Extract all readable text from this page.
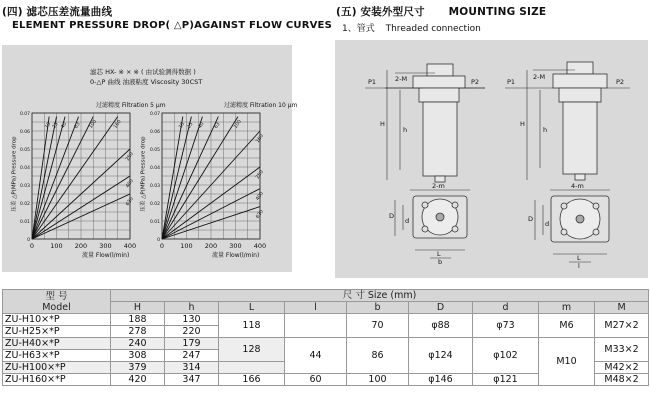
(四) 滤芯压差流量曲线
ELEMENT PRESSURE DROP( △P)AGAINST FLOW CURVES
滤芯 HX- ※ × ※ ( 由试验测得数据 )
0-△P 曲线 油液粘度 Viscosity 30CST
过滤精度 Filtration 5 μm	过滤精度 Filtration 10 μm
流量 Flow(l/min)	流量 Flow(l/min)
压差 △P(MPa) Pressure drop	压差 △P(MPa) Pressure drop
0 100 200 300 400
0
0.01
0.02
0.03
0.04
0.05
0.06
0.07
10 25 40 63 100	160
250
400
630
0 100 200 300 400
0
0.01
0.02
0.03
0.04
0.05
0.06
0.07
10 25 40 63	100
160
250
400
630
(五) 安装外型尺寸 MOUNTING SIZE
1、管式 Threaded connection
2-M
P1	P2
H
h
2-m
D
d
L
b
2-M
P1	P2
H
h
4-m
D
d
L
l
型 号
Model	尺 寸 Size (mm)								
	H	h	L	l	b	D	d	m	M
ZU-H10×*P	188	130	118		70	φ88	φ73	M6	M27×2
ZU-H25×*P	278	220							
ZU-H40×*P	240	179	128	44	86	φ124	φ102	M10	M33×2
ZU-H63×*P	308	247							
ZU-H100×*P	379	314							M42×2
ZU-H160×*P	420	347	166	60	100	φ146	φ121		M48×2
